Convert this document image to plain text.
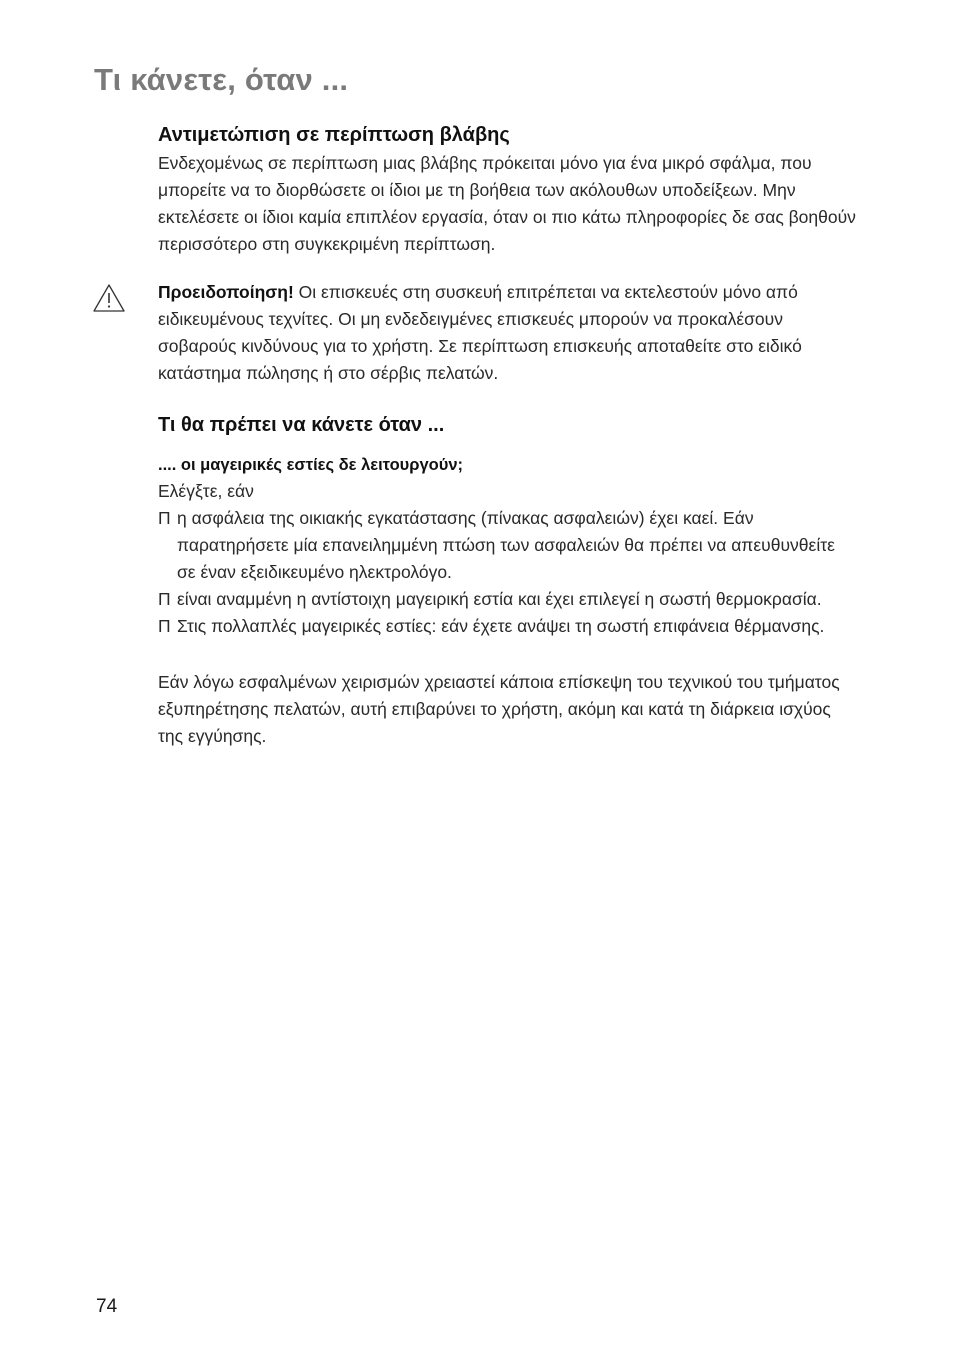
Τι κάνετε, όταν ...
Αντιμετώπιση σε περίπτωση βλάβης

Ενδεχομένως σε περίπτωση μιας βλάβης πρόκειται μόνο για ένα μικρό σφάλμα, που μπορείτε να το διορθώσετε οι ίδιοι με τη βοήθεια των ακόλουθων υποδείξεων. Μην εκτελέσετε οι ίδιοι καμία επιπλέον εργασία, όταν οι πιο κάτω πληροφορίες δε σας βοηθούν περισσότερο στη συγκεκριμένη περίπτωση.

Προειδοποίηση! Οι επισκευές στη συσκευή επιτρέπεται να εκτελεστούν μόνο από ειδικευμένους τεχνίτες. Οι μη ενδεδειγμένες επισκευές μπορούν να προκαλέσουν σοβαρούς κινδύνους για το χρήστη. Σε περίπτωση επισκευής αποταθείτε στο ειδικό κατάστημα πώλησης ή στο σέρβις πελατών.

Τι θα πρέπει να κάνετε όταν ...

.... οι μαγειρικές εστίες δε λειτουργούν;

Ελέγξτε, εάν

Π η ασφάλεια της οικιακής εγκατάστασης (πίνακας ασφαλειών) έχει καεί. Εάν παρατηρήσετε μία επανειλημμένη πτώση των ασφαλειών θα πρέπει να απευθυνθείτε σε έναν εξειδικευμένο ηλεκτρολόγο.
Π είναι αναμμένη η αντίστοιχη μαγειρική εστία και έχει επιλεγεί η σωστή θερμοκρασία.
Π Στις πολλαπλές μαγειρικές εστίες: εάν έχετε ανάψει τη σωστή επιφάνεια θέρμανσης.

Εάν λόγω εσφαλμένων χειρισμών χρειαστεί κάποια επίσκεψη του τεχνικού του τμήματος εξυπηρέτησης πελατών, αυτή επιβαρύνει το χρήστη, ακόμη και κατά τη διάρκεια ισχύος της εγγύησης.

74
